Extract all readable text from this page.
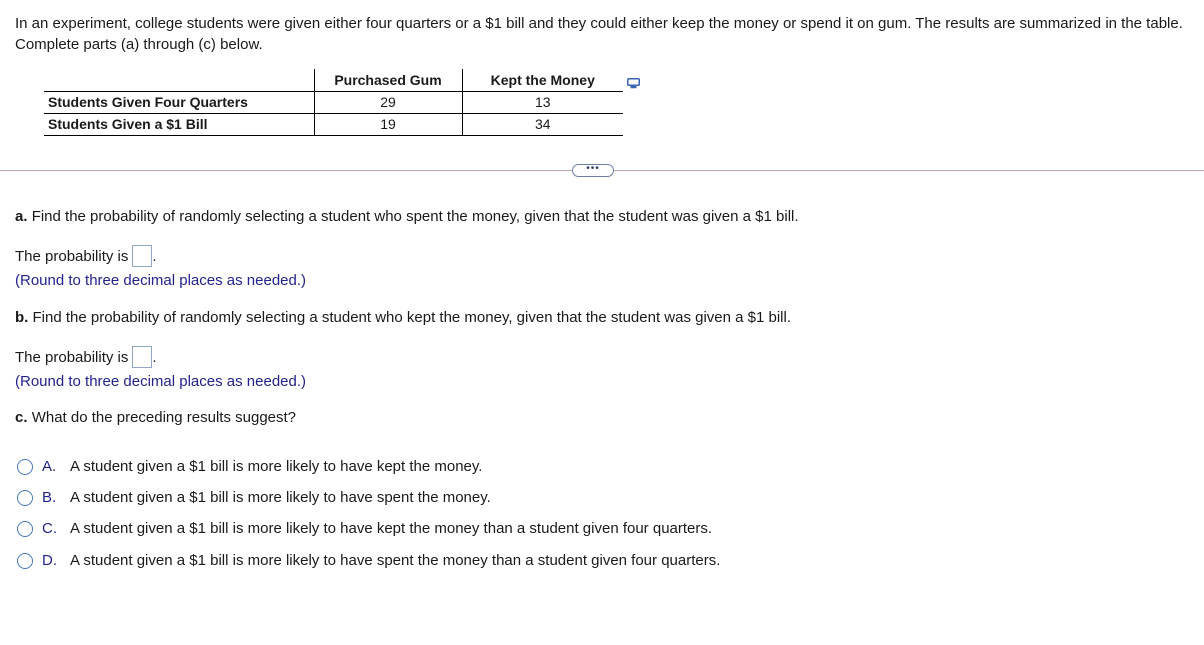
In an experiment, college students were given either four quarters or a $1 bill and they could either keep the money or spend it on gum. The results are summarized in the table. Complete parts (a) through (c) below.

	Purchased Gum	Kept the Money
Students Given Four Quarters	29	13
Students Given a $1 Bill	19	34
•••

a. Find the probability of randomly selecting a student who spent the money, given that the student was given a $1 bill.

The probability is .
(Round to three decimal places as needed.)

b. Find the probability of randomly selecting a student who kept the money, given that the student was given a $1 bill.

The probability is .
(Round to three decimal places as needed.)

c. What do the preceding results suggest?

A. A student given a $1 bill is more likely to have kept the money.
B. A student given a $1 bill is more likely to have spent the money.
C. A student given a $1 bill is more likely to have kept the money than a student given four quarters.
D. A student given a $1 bill is more likely to have spent the money than a student given four quarters.
